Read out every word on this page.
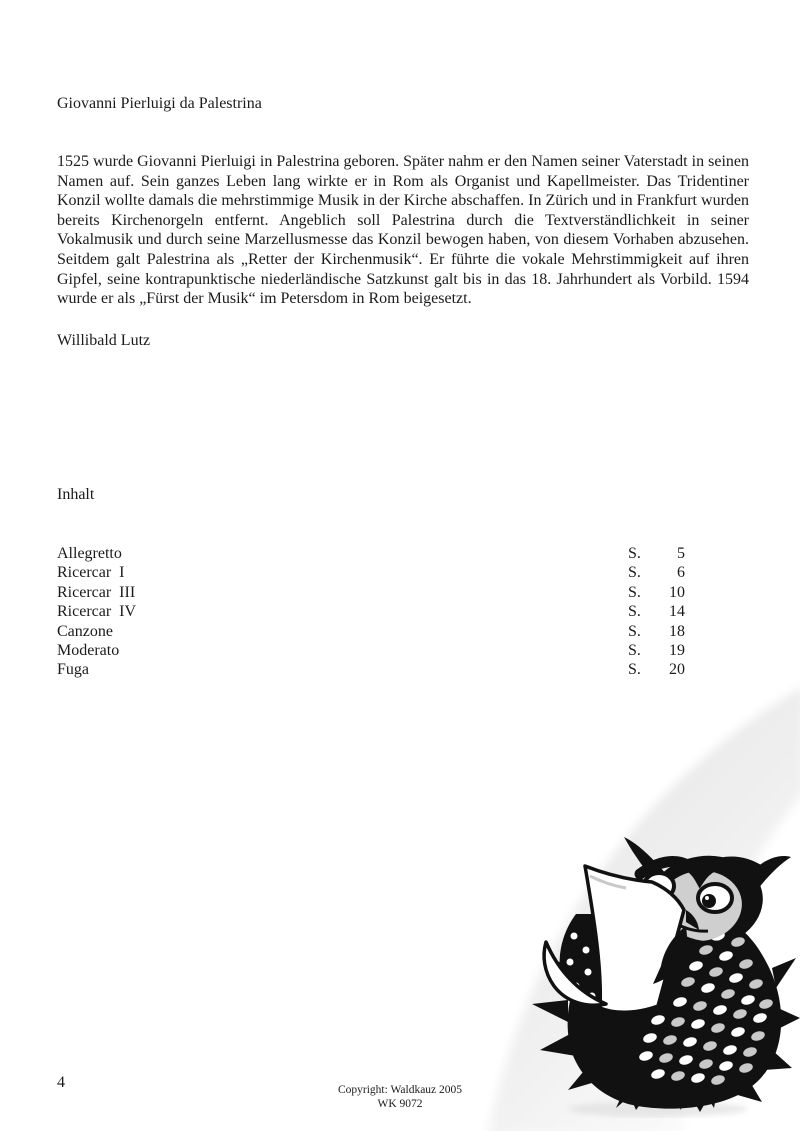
Giovanni Pierluigi da Palestrina
1525 wurde Giovanni Pierluigi in Palestrina geboren. Später nahm er den Namen seiner Vaterstadt in seinen Namen auf. Sein ganzes Leben lang wirkte er in Rom als Organist und Kapellmeister. Das Tridentiner Konzil wollte damals die mehrstimmige Musik in der Kirche abschaffen. In Zürich und in Frankfurt wurden bereits Kirchenorgeln entfernt. Angeblich soll Palestrina durch die Textverständlichkeit in seiner Vokalmusik und durch seine Marzellusmesse das Konzil bewogen haben, von diesem Vorhaben abzusehen. Seitdem galt Palestrina als „Retter der Kirchenmusik“. Er führte die vokale Mehrstimmigkeit auf ihren Gipfel, seine kontrapunktische niederländische Satzkunst galt bis in das 18. Jahrhundert als Vorbild. 1594 wurde er als „Fürst der Musik“ im Petersdom in Rom beigesetzt.
Willibald Lutz
Inhalt
Allegretto	S.	5
Ricercar  I	S.	6
Ricercar  III	S.	10
Ricercar  IV	S.	14
Canzone	S.	18
Moderato	S.	19
Fuga	S.	20
4	Copyright: Waldkauz 2005
WK 9072
